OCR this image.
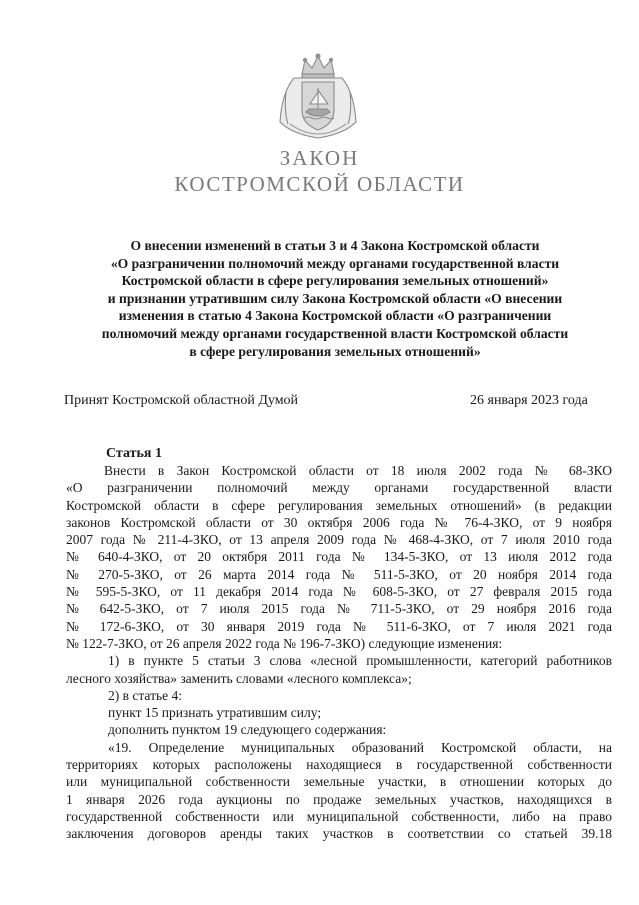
ЗАКОН
КОСТРОМСКОЙ ОБЛАСТИ
О внесении изменений в статьи 3 и 4 Закона Костромской области
«О разграничении полномочий между органами государственной власти
Костромской области в сфере регулирования земельных отношений»
и признании утратившим силу Закона Костромской области «О внесении
изменения в статью 4 Закона Костромской области «О разграничении
полномочий между органами государственной власти Костромской области
в сфере регулирования земельных отношений»
Принят Костромской областной Думой	26 января 2023 года
Статья 1
Внести в Закон Костромской области от 18 июля 2002 года № 68-ЗКО
«О разграничении полномочий между органами государственной власти
Костромской области в сфере регулирования земельных отношений» (в редакции
законов Костромской области от 30 октября 2006 года № 76-4-ЗКО, от 9 ноября
2007 года № 211-4-ЗКО, от 13 апреля 2009 года № 468-4-ЗКО, от 7 июля 2010 года
№ 640-4-ЗКО, от 20 октября 2011 года № 134-5-ЗКО, от 13 июля 2012 года
№ 270-5-ЗКО, от 26 марта 2014 года № 511-5-ЗКО, от 20 ноября 2014 года
№ 595-5-ЗКО, от 11 декабря 2014 года № 608-5-ЗКО, от 27 февраля 2015 года
№ 642-5-ЗКО, от 7 июля 2015 года № 711-5-ЗКО, от 29 ноября 2016 года
№ 172-6-ЗКО, от 30 января 2019 года № 511-6-ЗКО, от 7 июля 2021 года
№ 122-7-ЗКО, от 26 апреля 2022 года № 196-7-ЗКО) следующие изменения:
1) в пункте 5 статьи 3 слова «лесной промышленности, категорий работников
лесного хозяйства» заменить словами «лесного комплекса»;
2) в статье 4:
пункт 15 признать утратившим силу;
дополнить пунктом 19 следующего содержания:
«19. Определение муниципальных образований Костромской области, на
территориях которых расположены находящиеся в государственной собственности
или муниципальной собственности земельные участки, в отношении которых до
1 января 2026 года аукционы по продаже земельных участков, находящихся в
государственной собственности или муниципальной собственности, либо на право
заключения договоров аренды таких участков в соответствии со статьей 39.18
